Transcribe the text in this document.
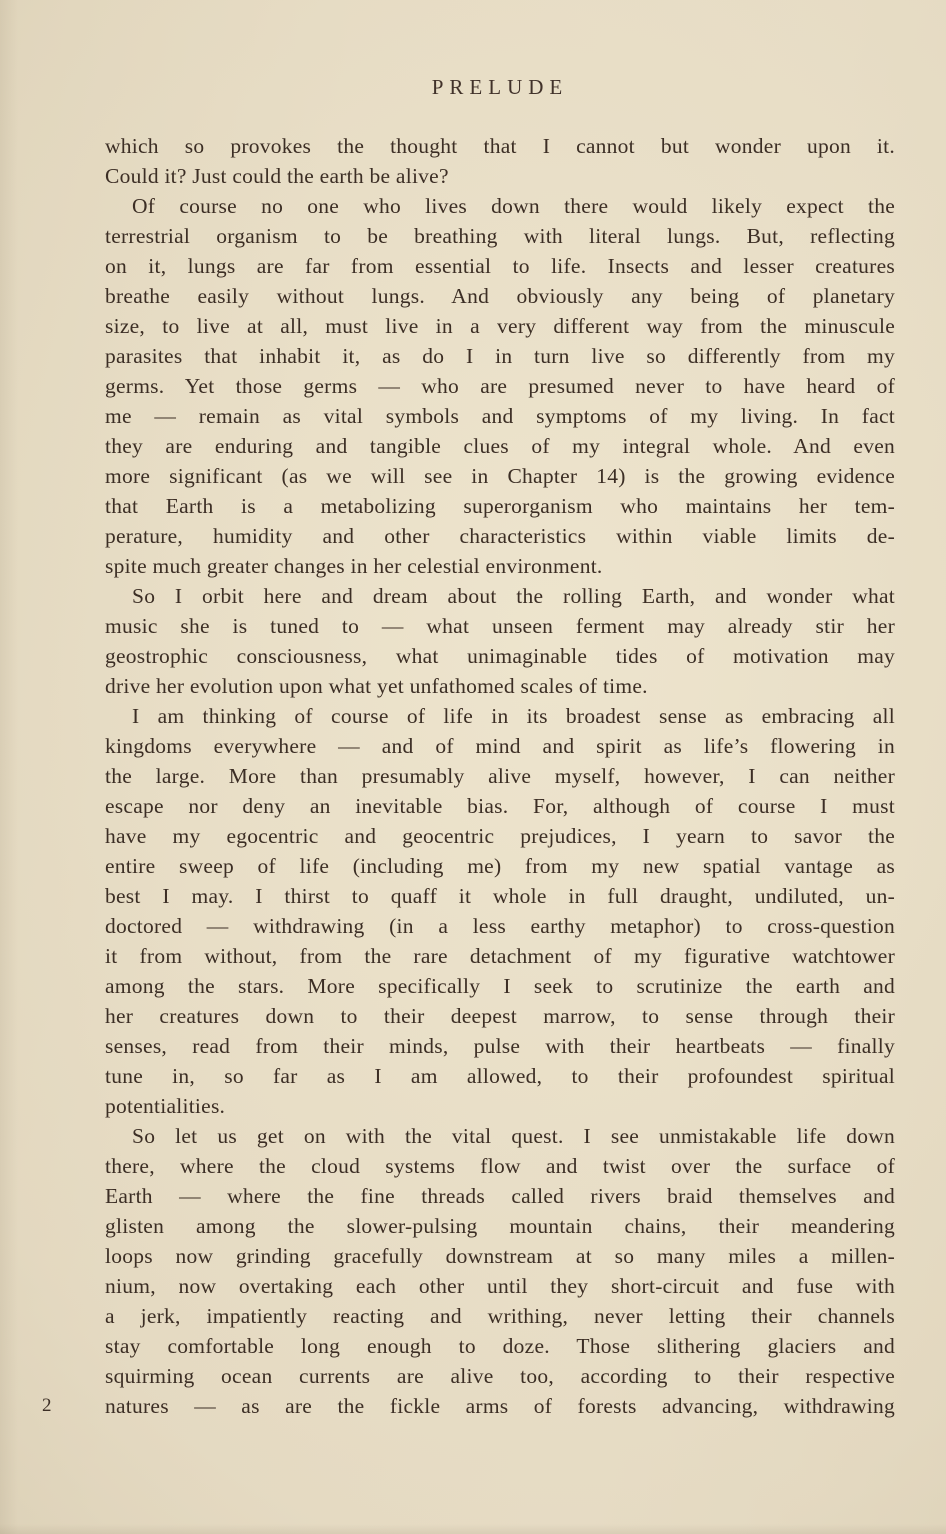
PRELUDE
which so provokes the thought that I cannot but wonder upon it.
Could it? Just could the earth be alive?
Of course no one who lives down there would likely expect the
terrestrial organism to be breathing with literal lungs. But, reflecting
on it, lungs are far from essential to life. Insects and lesser creatures
breathe easily without lungs. And obviously any being of planetary
size, to live at all, must live in a very different way from the minuscule
parasites that inhabit it, as do I in turn live so differently from my
germs. Yet those germs — who are presumed never to have heard of
me — remain as vital symbols and symptoms of my living. In fact
they are enduring and tangible clues of my integral whole. And even
more significant (as we will see in Chapter 14) is the growing evidence
that Earth is a metabolizing superorganism who maintains her tem-
perature, humidity and other characteristics within viable limits de-
spite much greater changes in her celestial environment.
So I orbit here and dream about the rolling Earth, and wonder what
music she is tuned to — what unseen ferment may already stir her
geostrophic consciousness, what unimaginable tides of motivation may
drive her evolution upon what yet unfathomed scales of time.
I am thinking of course of life in its broadest sense as embracing all
kingdoms everywhere — and of mind and spirit as life’s flowering in
the large. More than presumably alive myself, however, I can neither
escape nor deny an inevitable bias. For, although of course I must
have my egocentric and geocentric prejudices, I yearn to savor the
entire sweep of life (including me) from my new spatial vantage as
best I may. I thirst to quaff it whole in full draught, undiluted, un-
doctored — withdrawing (in a less earthy metaphor) to cross-question
it from without, from the rare detachment of my figurative watchtower
among the stars. More specifically I seek to scrutinize the earth and
her creatures down to their deepest marrow, to sense through their
senses, read from their minds, pulse with their heartbeats — finally
tune in, so far as I am allowed, to their profoundest spiritual
potentialities.
So let us get on with the vital quest. I see unmistakable life down
there, where the cloud systems flow and twist over the surface of
Earth — where the fine threads called rivers braid themselves and
glisten among the slower-pulsing mountain chains, their meandering
loops now grinding gracefully downstream at so many miles a millen-
nium, now overtaking each other until they short-circuit and fuse with
a jerk, impatiently reacting and writhing, never letting their channels
stay comfortable long enough to doze. Those slithering glaciers and
squirming ocean currents are alive too, according to their respective
natures — as are the fickle arms of forests advancing, withdrawing
2
